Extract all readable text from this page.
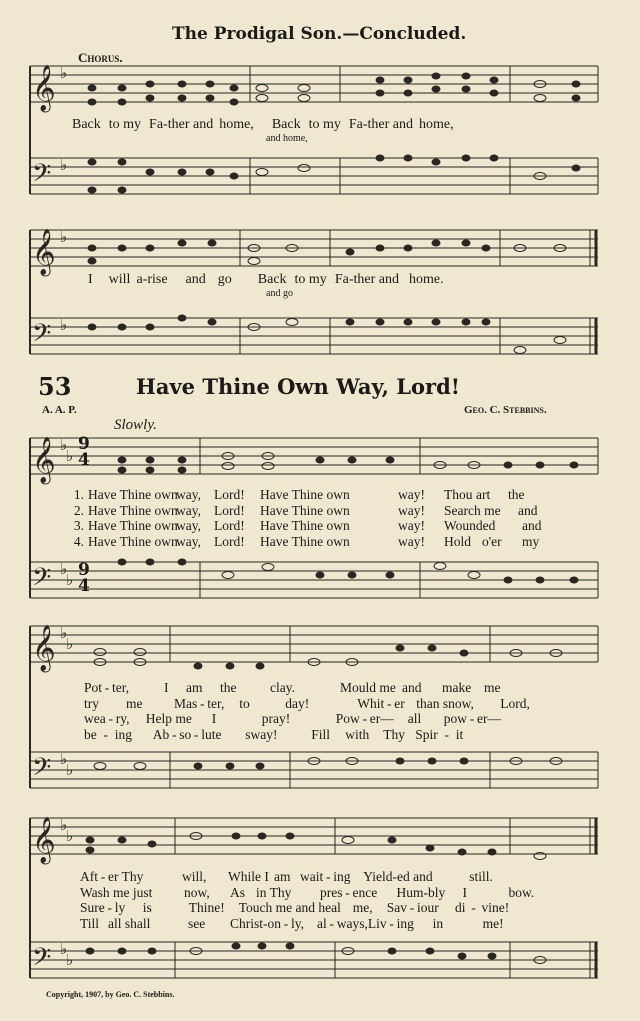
The Prodigal Son.—Concluded.
Chorus.
𝄞
𝄢
𝄞
𝄢
𝄞
𝄢
𝄞
𝄢
𝄞
𝄢
♭
♭
♭
♭
♭
♭
♭
♭
♭
♭
♭
♭
♭
♭
♭
♭
Back to my Fa-ther and home, Back to my Fa-ther and home,
and home,
I will a-rise and go Back to my Fa-ther and home.
and go
53	Have Thine Own Way, Lord!
A. A. P.	Geo. C. Stebbins.
Slowly.
9
4
9
4
1. Have Thine ownway, Lord! Have Thine own	way! Thou art the
2. Have Thine ownway, Lord! Have Thine own	way! Search me and
3. Have Thine ownway, Lord! Have Thine own	way! Wounded and
4. Have Thine ownway, Lord! Have Thine own	way! Hold o'er my
Pot - ter,	I am the clay.	Mould me and make me
try me Mas - ter, to	day!	Whit - er than snow, Lord,
wea - ry, Help me I	pray!	Pow - er— all pow - er—
be - ing Ab - so - lute sway!	Fill with Thy Spir - it
Aft - er Thy	will, While I am wait - ing Yield-ed and	still.
Wash me just now, As in Thy pres - ence Hum-bly I	bow.
Sure - ly is	Thine! Touch me and heal me, Sav - iour di - vine!
Till all shall	see Christ-on - ly, al - ways,Liv - ing in	me!
Copyright, 1907, by Geo. C. Stebbins.
